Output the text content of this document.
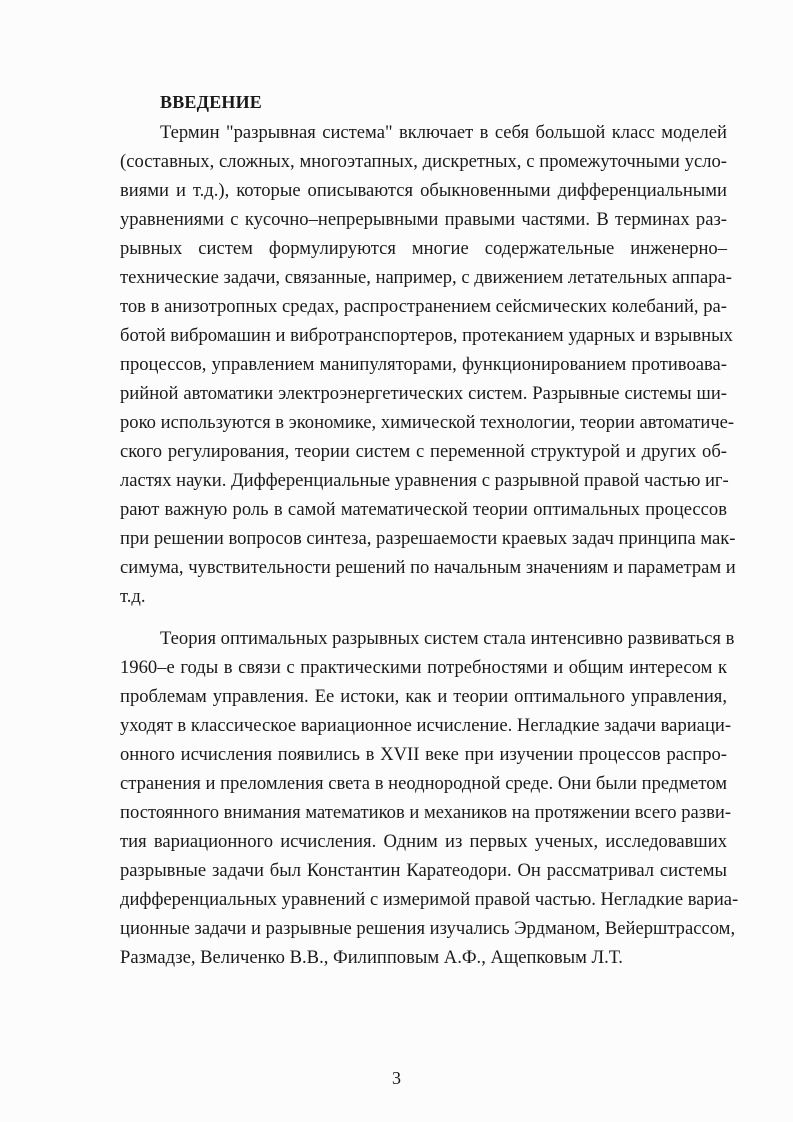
ВВЕДЕНИЕ
Термин "разрывная система" включает в себя большой класс моделей
(составных, сложных, многоэтапных, дискретных, с промежуточными усло-
виями и т.д.), которые описываются обыкновенными дифференциальными
уравнениями с кусочно–непрерывными правыми частями. В терминах раз-
рывных систем формулируются многие содержательные инженерно–
технические задачи, связанные, например, с движением летательных аппара-
тов в анизотропных средах, распространением сейсмических колебаний, ра-
ботой вибромашин и вибротранспортеров, протеканием ударных и взрывных
процессов, управлением манипуляторами, функционированием противоава-
рийной автоматики электроэнергетических систем. Разрывные системы ши-
роко используются в экономике, химической технологии, теории автоматиче-
ского регулирования, теории систем с переменной структурой и других об-
ластях науки. Дифференциальные уравнения с разрывной правой частью иг-
рают важную роль в самой математической теории оптимальных процессов
при решении вопросов синтеза, разрешаемости краевых задач принципа мак-
симума, чувствительности решений по начальным значениям и параметрам и
т.д.
Теория оптимальных разрывных систем стала интенсивно развиваться в
1960–е годы в связи с практическими потребностями и общим интересом к
проблемам управления. Ее истоки, как и теории оптимального управления,
уходят в классическое вариационное исчисление. Негладкие задачи вариаци-
онного исчисления появились в XVII веке при изучении процессов распро-
странения и преломления света в неоднородной среде. Они были предметом
постоянного внимания математиков и механиков на протяжении всего разви-
тия вариационного исчисления. Одним из первых ученых, исследовавших
разрывные задачи был Константин Каратеодори. Он рассматривал системы
дифференциальных уравнений с измеримой правой частью. Негладкие вариа-
ционные задачи и разрывные решения изучались Эрдманом, Вейерштрассом,
Размадзе, Величенко В.В., Филипповым А.Ф., Ащепковым Л.Т.
3
